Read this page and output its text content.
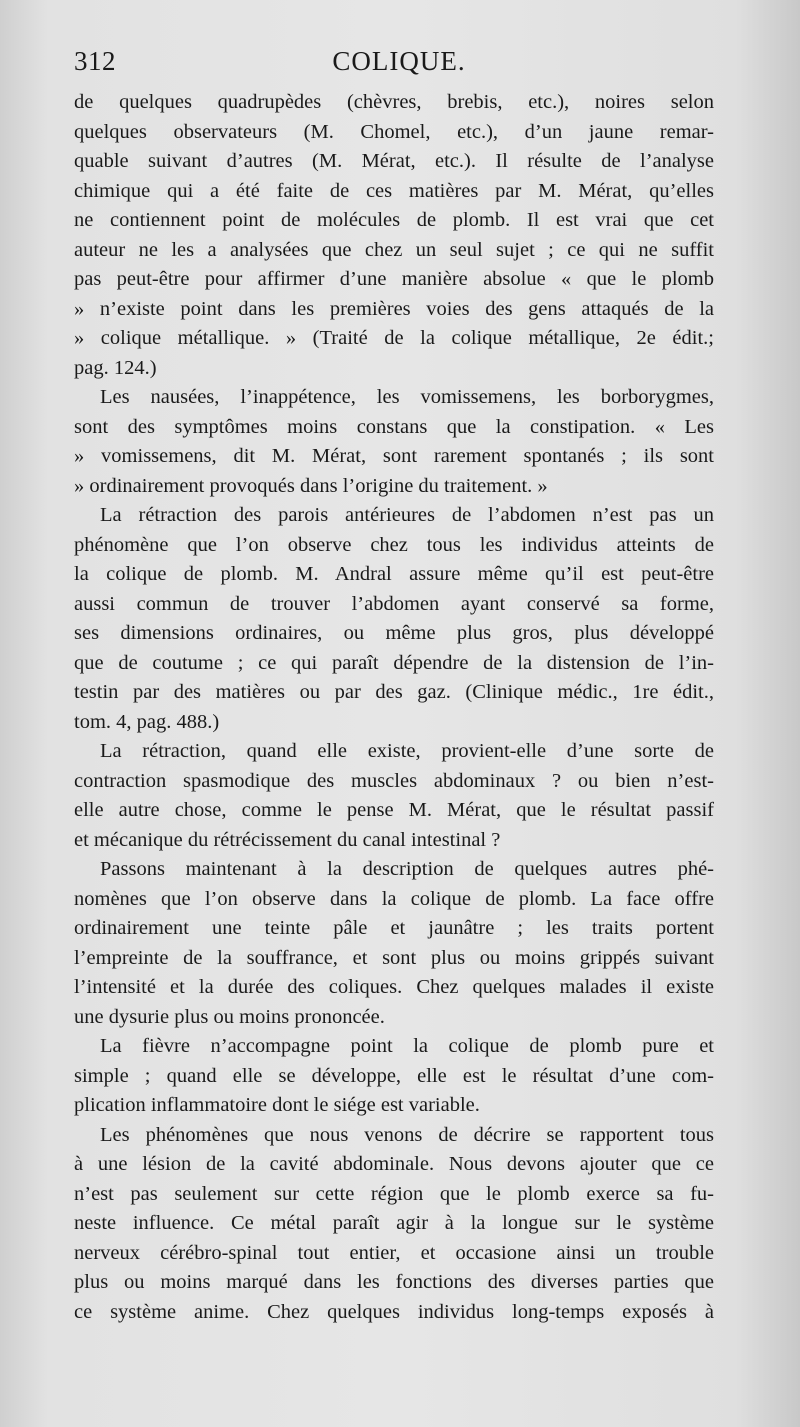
312	COLIQUE.
de quelques quadrupèdes (chèvres, brebis, etc.), noires selon
quelques observateurs (M. Chomel, etc.), d’un jaune remar-
quable suivant d’autres (M. Mérat, etc.). Il résulte de l’analyse
chimique qui a été faite de ces matières par M. Mérat, qu’elles
ne contiennent point de molécules de plomb. Il est vrai que cet
auteur ne les a analysées que chez un seul sujet ; ce qui ne suffit
pas peut-être pour affirmer d’une manière absolue « que le plomb
» n’existe point dans les premières voies des gens attaqués de la
» colique métallique. » (Traité de la colique métallique, 2e édit.;
pag. 124.)
Les nausées, l’inappétence, les vomissemens, les borborygmes,
sont des symptômes moins constans que la constipation. « Les
» vomissemens, dit M. Mérat, sont rarement spontanés ; ils sont
» ordinairement provoqués dans l’origine du traitement. »
La rétraction des parois antérieures de l’abdomen n’est pas un
phénomène que l’on observe chez tous les individus atteints de
la colique de plomb. M. Andral assure même qu’il est peut-être
aussi commun de trouver l’abdomen ayant conservé sa forme,
ses dimensions ordinaires, ou même plus gros, plus développé
que de coutume ; ce qui paraît dépendre de la distension de l’in-
testin par des matières ou par des gaz. (Clinique médic., 1re édit.,
tom. 4, pag. 488.)
La rétraction, quand elle existe, provient-elle d’une sorte de
contraction spasmodique des muscles abdominaux ? ou bien n’est-
elle autre chose, comme le pense M. Mérat, que le résultat passif
et mécanique du rétrécissement du canal intestinal ?
Passons maintenant à la description de quelques autres phé-
nomènes que l’on observe dans la colique de plomb. La face offre
ordinairement une teinte pâle et jaunâtre ; les traits portent
l’empreinte de la souffrance, et sont plus ou moins grippés suivant
l’intensité et la durée des coliques. Chez quelques malades il existe
une dysurie plus ou moins prononcée.
La fièvre n’accompagne point la colique de plomb pure et
simple ; quand elle se développe, elle est le résultat d’une com-
plication inflammatoire dont le siége est variable.
Les phénomènes que nous venons de décrire se rapportent tous
à une lésion de la cavité abdominale. Nous devons ajouter que ce
n’est pas seulement sur cette région que le plomb exerce sa fu-
neste influence. Ce métal paraît agir à la longue sur le système
nerveux cérébro-spinal tout entier, et occasione ainsi un trouble
plus ou moins marqué dans les fonctions des diverses parties que
ce système anime. Chez quelques individus long-temps exposés à
